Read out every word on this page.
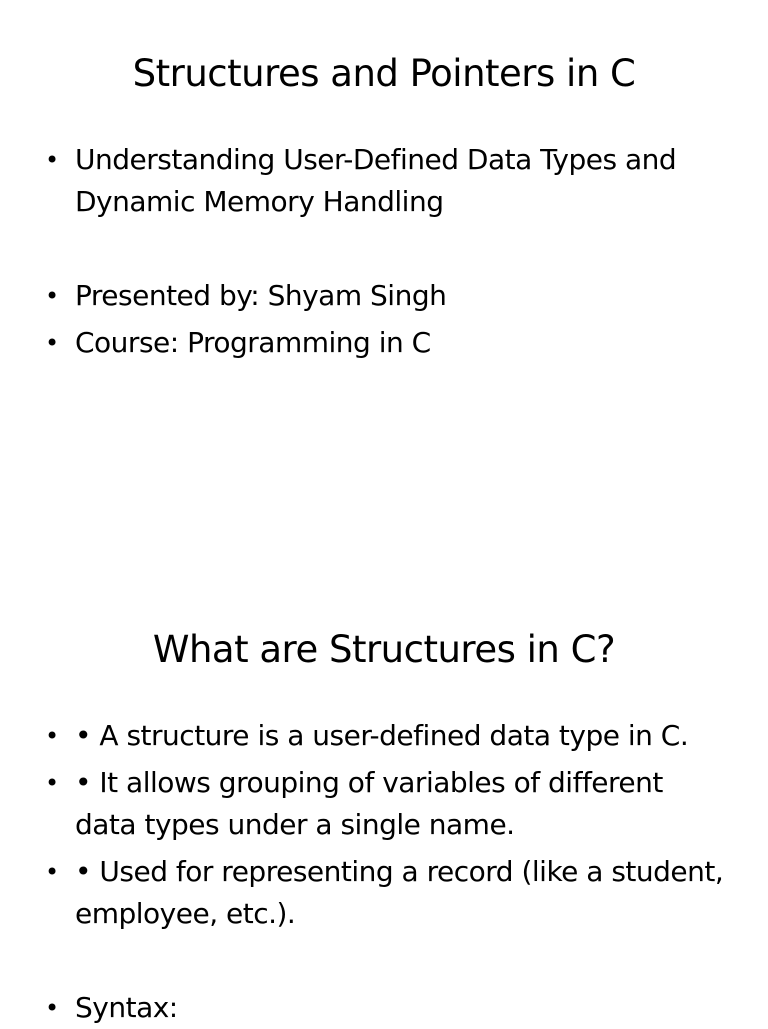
Structures and Pointers in C
• Understanding User-Defined Data Types and Dynamic Memory Handling
• Presented by: Shyam Singh
• Course: Programming in C
What are Structures in C?
• • A structure is a user-defined data type in C.
• • It allows grouping of variables of different data types under a single name.
• • Used for representing a record (like a student, employee, etc.).
• Syntax:
